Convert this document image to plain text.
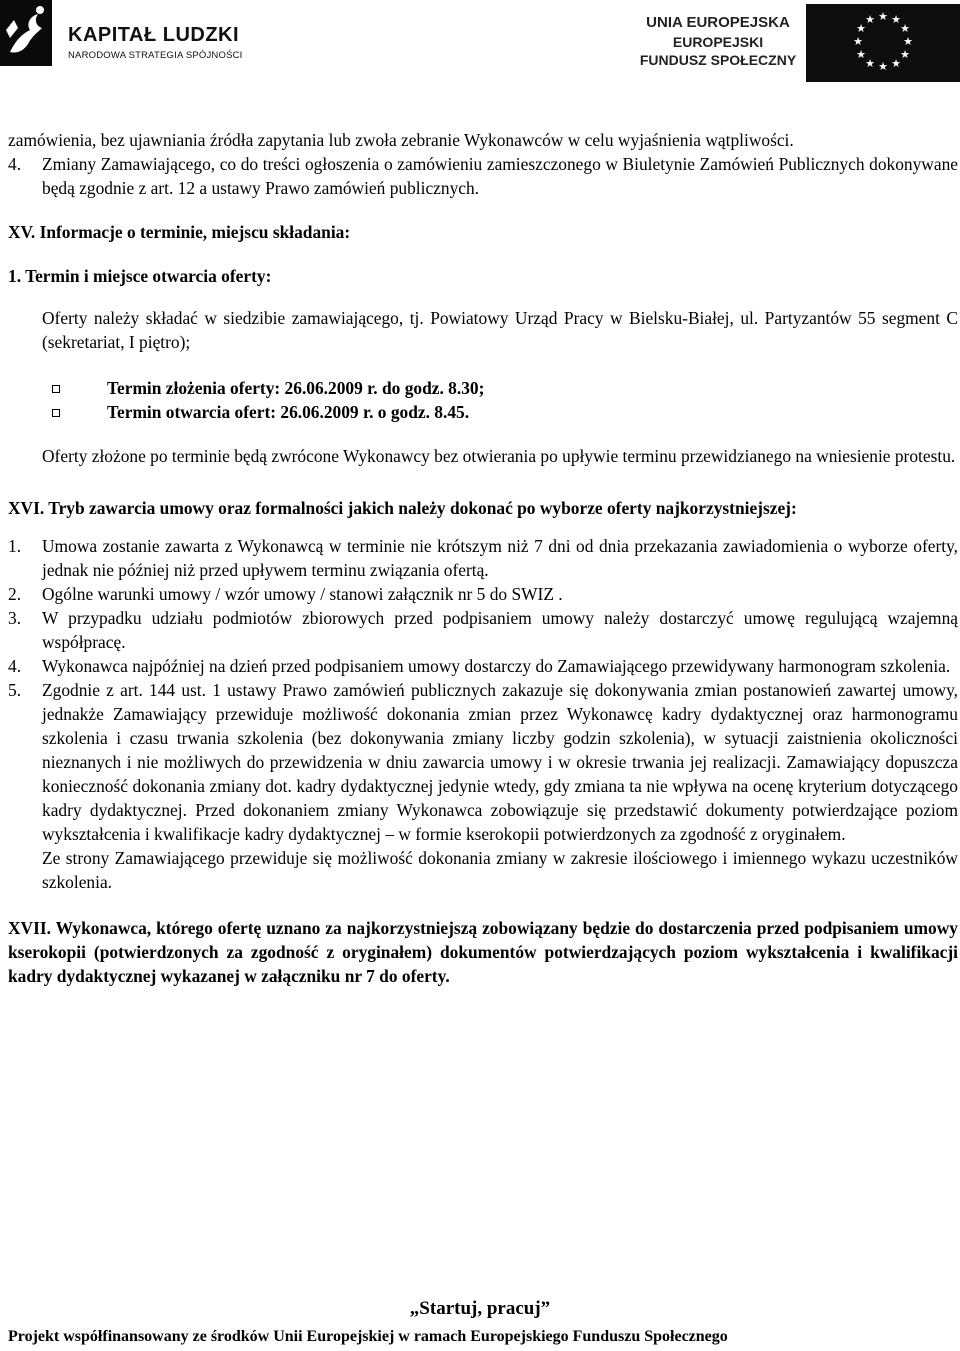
KAPITAŁ LUDZKI
NARODOWA STRATEGIA SPÓJNOŚCI
UNIA EUROPEJSKA
EUROPEJSKI
FUNDUSZ SPOŁECZNY
★ ★
★
★
★
★
★
★
★
★
★
★

zamówienia, bez ujawniania źródła zapytania lub zwoła zebranie Wykonawców w celu wyjaśnienia wątpliwości.

4. Zmiany Zamawiającego, co do treści ogłoszenia o zamówieniu zamieszczonego w Biuletynie Zamówień Publicznych dokonywane będą zgodnie z art. 12 a ustawy Prawo zamówień publicznych.

XV. Informacje o terminie, miejscu składania:

1. Termin i miejsce otwarcia oferty:

Oferty należy składać w siedzibie zamawiającego, tj. Powiatowy Urząd Pracy w Bielsku-Białej, ul. Partyzantów 55 segment C (sekretariat, I piętro);

Termin złożenia oferty: 26.06.2009 r. do godz. 8.30;
Termin otwarcia ofert: 26.06.2009 r. o godz. 8.45.

Oferty złożone po terminie będą zwrócone Wykonawcy bez otwierania po upływie terminu przewidzianego na wniesienie protestu.

XVI. Tryb zawarcia umowy oraz formalności jakich należy dokonać po wyborze oferty najkorzystniejszej:

1. Umowa zostanie zawarta z Wykonawcą w terminie nie krótszym niż 7 dni od dnia przekazania zawiadomienia o wyborze oferty, jednak nie później niż przed upływem terminu związania ofertą.
2. Ogólne warunki umowy / wzór umowy / stanowi załącznik nr 5 do SWIZ .
3. W przypadku udziału podmiotów zbiorowych przed podpisaniem umowy należy dostarczyć umowę regulującą wzajemną współpracę.
4. Wykonawca najpóźniej na dzień przed podpisaniem umowy dostarczy do Zamawiającego przewidywany harmonogram szkolenia.
5. Zgodnie z art. 144 ust. 1 ustawy Prawo zamówień publicznych zakazuje się dokonywania zmian postanowień zawartej umowy, jednakże Zamawiający przewiduje możliwość dokonania zmian przez Wykonawcę kadry dydaktycznej oraz harmonogramu szkolenia i czasu trwania szkolenia (bez dokonywania zmiany liczby godzin szkolenia), w sytuacji zaistnienia okoliczności nieznanych i nie możliwych do przewidzenia w dniu zawarcia umowy i w okresie trwania jej realizacji. Zamawiający dopuszcza konieczność dokonania zmiany dot. kadry dydaktycznej jedynie wtedy, gdy zmiana ta nie wpływa na ocenę kryterium dotyczącego kadry dydaktycznej. Przed dokonaniem zmiany Wykonawca zobowiązuje się przedstawić dokumenty potwierdzające poziom wykształcenia i kwalifikacje kadry dydaktycznej – w formie kserokopii potwierdzonych za zgodność z oryginałem.

Ze strony Zamawiającego przewiduje się możliwość dokonania zmiany w zakresie ilościowego i imiennego wykazu uczestników szkolenia.

XVII. Wykonawca, którego ofertę uznano za najkorzystniejszą zobowiązany będzie do dostarczenia przed podpisaniem umowy kserokopii (potwierdzonych za zgodność z oryginałem) dokumentów potwierdzających poziom wykształcenia i kwalifikacji kadry dydaktycznej wykazanej w załączniku nr 7 do oferty.

„Startuj, pracuj”
Projekt współfinansowany ze środków Unii Europejskiej w ramach Europejskiego Funduszu Społecznego
